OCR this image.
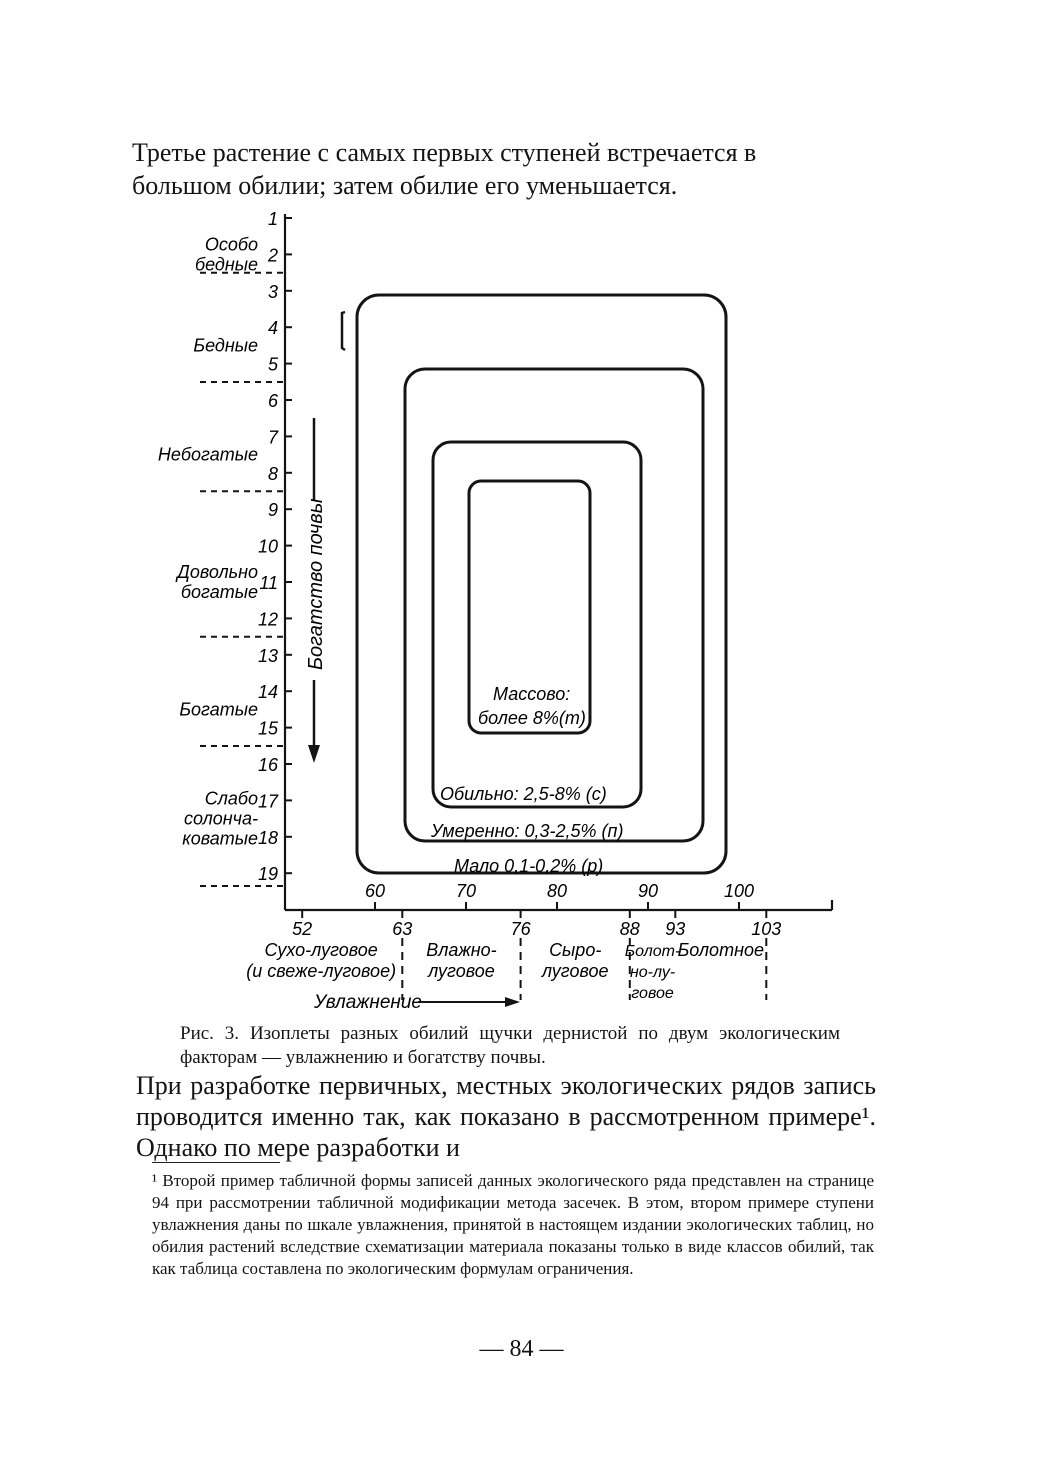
Третье растение с самых первых ступеней встречается в большом обилии; затем обилие его уменьшается.

1
2
3
4
5
6
7
8
9
10
11
12
13
14
15
16
17
18
19
Особо
бедные
Бедные
Небогатые
Довольно
богатые
Богатые
Слабо
солонча-
коватые
60	70	80	90	100
52	63	76	88 93	103
Сухо-луговое
(и свеже-луговое)
Влажно-
луговое
Сыро-
луговое
Болот-
но-лу-
говое
Болотное
Мало 0,1-0,2% (р)
Умеренно: 0,3-2,5% (п)
Обильно: 2,5-8% (с)
Массово:
более 8%(т)
Богатство почвы
Увлажнение

Рис. 3. Изоплеты разных обилий щучки дернистой по двум экологическим факторам — увлажнению и богатству почвы.

При разработке первичных, местных экологических рядов запись проводится именно так, как показано в рассмотренном примере¹. Однако по мере разработки и

¹ Второй пример табличной формы записей данных экологического ряда представлен на странице 94 при рассмотрении табличной модификации метода засечек. В этом, втором примере ступени увлажнения даны по шкале увлажнения, принятой в настоящем издании экологических таблиц, но обилия растений вследствие схематизации материала показаны только в виде классов обилий, так как таблица составлена по экологическим формулам ограничения.

— 84 —
